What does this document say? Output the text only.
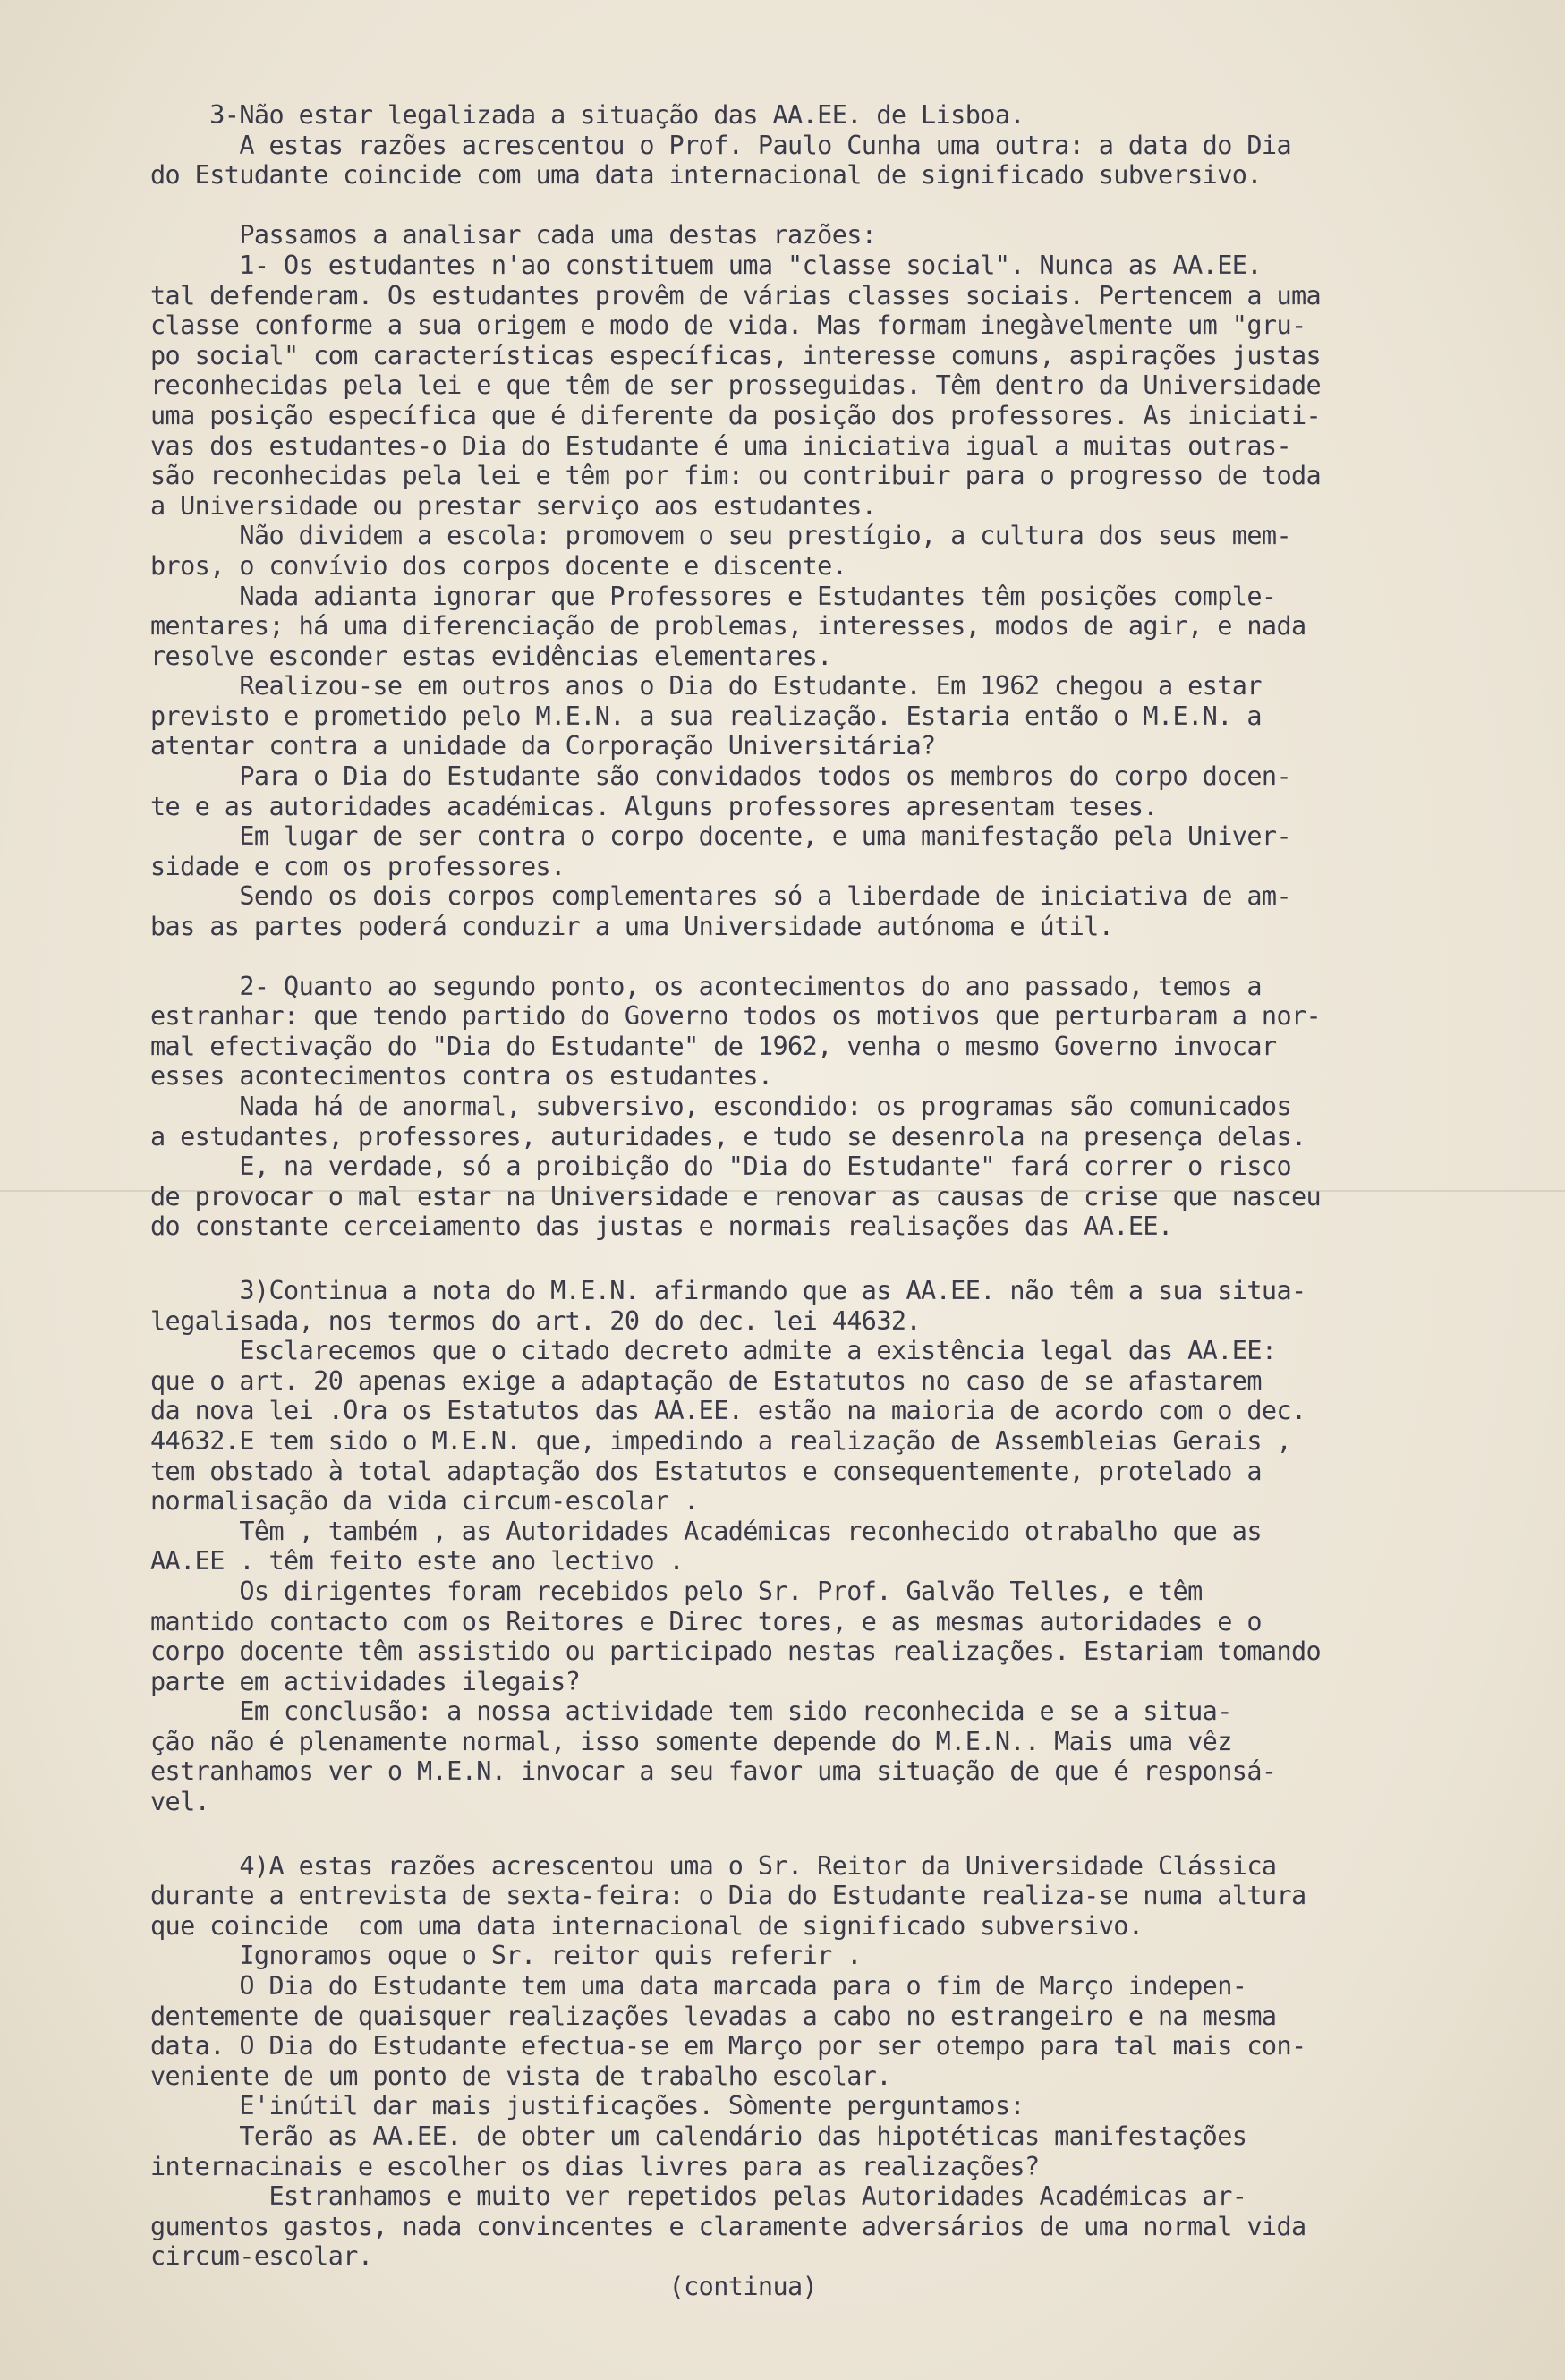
3-Não estar legalizada a situação das AA.EE. de Lisboa.
A estas razões acrescentou o Prof. Paulo Cunha uma outra: a data do Dia
do Estudante coincide com uma data internacional de significado subversivo.
Passamos a analisar cada uma destas razões:
1- Os estudantes n'ao constituem uma "classe social". Nunca as AA.EE.
tal defenderam. Os estudantes provêm de várias classes sociais. Pertencem a uma
classe conforme a sua origem e modo de vida. Mas formam inegàvelmente um "gru-
po social" com características específicas, interesse comuns, aspirações justas
reconhecidas pela lei e que têm de ser prosseguidas. Têm dentro da Universidade
uma posição específica que é diferente da posição dos professores. As iniciati-
vas dos estudantes-o Dia do Estudante é uma iniciativa igual a muitas outras-
são reconhecidas pela lei e têm por fim: ou contribuir para o progresso de toda
a Universidade ou prestar serviço aos estudantes.
Não dividem a escola: promovem o seu prestígio, a cultura dos seus mem-
bros, o convívio dos corpos docente e discente.
Nada adianta ignorar que Professores e Estudantes têm posições comple-
mentares; há uma diferenciação de problemas, interesses, modos de agir, e nada
resolve esconder estas evidências elementares.
Realizou-se em outros anos o Dia do Estudante. Em 1962 chegou a estar
previsto e prometido pelo M.E.N. a sua realização. Estaria então o M.E.N. a
atentar contra a unidade da Corporação Universitária?
Para o Dia do Estudante são convidados todos os membros do corpo docen-
te e as autoridades académicas. Alguns professores apresentam teses.
Em lugar de ser contra o corpo docente, e uma manifestação pela Univer-
sidade e com os professores.
Sendo os dois corpos complementares só a liberdade de iniciativa de am-
bas as partes poderá conduzir a uma Universidade autónoma e útil.
2- Quanto ao segundo ponto, os acontecimentos do ano passado, temos a
estranhar: que tendo partido do Governo todos os motivos que perturbaram a nor-
mal efectivação do "Dia do Estudante" de 1962, venha o mesmo Governo invocar
esses acontecimentos contra os estudantes.
Nada há de anormal, subversivo, escondido: os programas são comunicados
a estudantes, professores, auturidades, e tudo se desenrola na presença delas.
E, na verdade, só a proibição do "Dia do Estudante" fará correr o risco
de provocar o mal estar na Universidade e renovar as causas de crise que nasceu
do constante cerceiamento das justas e normais realisações das AA.EE.
3)Continua a nota do M.E.N. afirmando que as AA.EE. não têm a sua situa-
legalisada, nos termos do art. 20 do dec. lei 44632.
Esclarecemos que o citado decreto admite a existência legal das AA.EE:
que o art. 20 apenas exige a adaptação de Estatutos no caso de se afastarem
da nova lei .Ora os Estatutos das AA.EE. estão na maioria de acordo com o dec.
44632.E tem sido o M.E.N. que, impedindo a realização de Assembleias Gerais ,
tem obstado à total adaptação dos Estatutos e consequentemente, protelado a
normalisação da vida circum-escolar .
Têm , também , as Autoridades Académicas reconhecido otrabalho que as
AA.EE . têm feito este ano lectivo .
Os dirigentes foram recebidos pelo Sr. Prof. Galvão Telles, e têm
mantido contacto com os Reitores e Direc tores, e as mesmas autoridades e o
corpo docente têm assistido ou participado nestas realizações. Estariam tomando
parte em actividades ilegais?
Em conclusão: a nossa actividade tem sido reconhecida e se a situa-
ção não é plenamente normal, isso somente depende do M.E.N.. Mais uma vêz
estranhamos ver o M.E.N. invocar a seu favor uma situação de que é responsá-
vel.
4)A estas razões acrescentou uma o Sr. Reitor da Universidade Clássica
durante a entrevista de sexta-feira: o Dia do Estudante realiza-se numa altura
que coincide  com uma data internacional de significado subversivo.
Ignoramos oque o Sr. reitor quis referir .
O Dia do Estudante tem uma data marcada para o fim de Março indepen-
dentemente de quaisquer realizações levadas a cabo no estrangeiro e na mesma
data. O Dia do Estudante efectua-se em Março por ser otempo para tal mais con-
veniente de um ponto de vista de trabalho escolar.
E'inútil dar mais justificações. Sòmente perguntamos:
Terão as AA.EE. de obter um calendário das hipotéticas manifestações
internacinais e escolher os dias livres para as realizações?
Estranhamos e muito ver repetidos pelas Autoridades Académicas ar-
gumentos gastos, nada convincentes e claramente adversários de uma normal vida
circum-escolar.
(continua)
